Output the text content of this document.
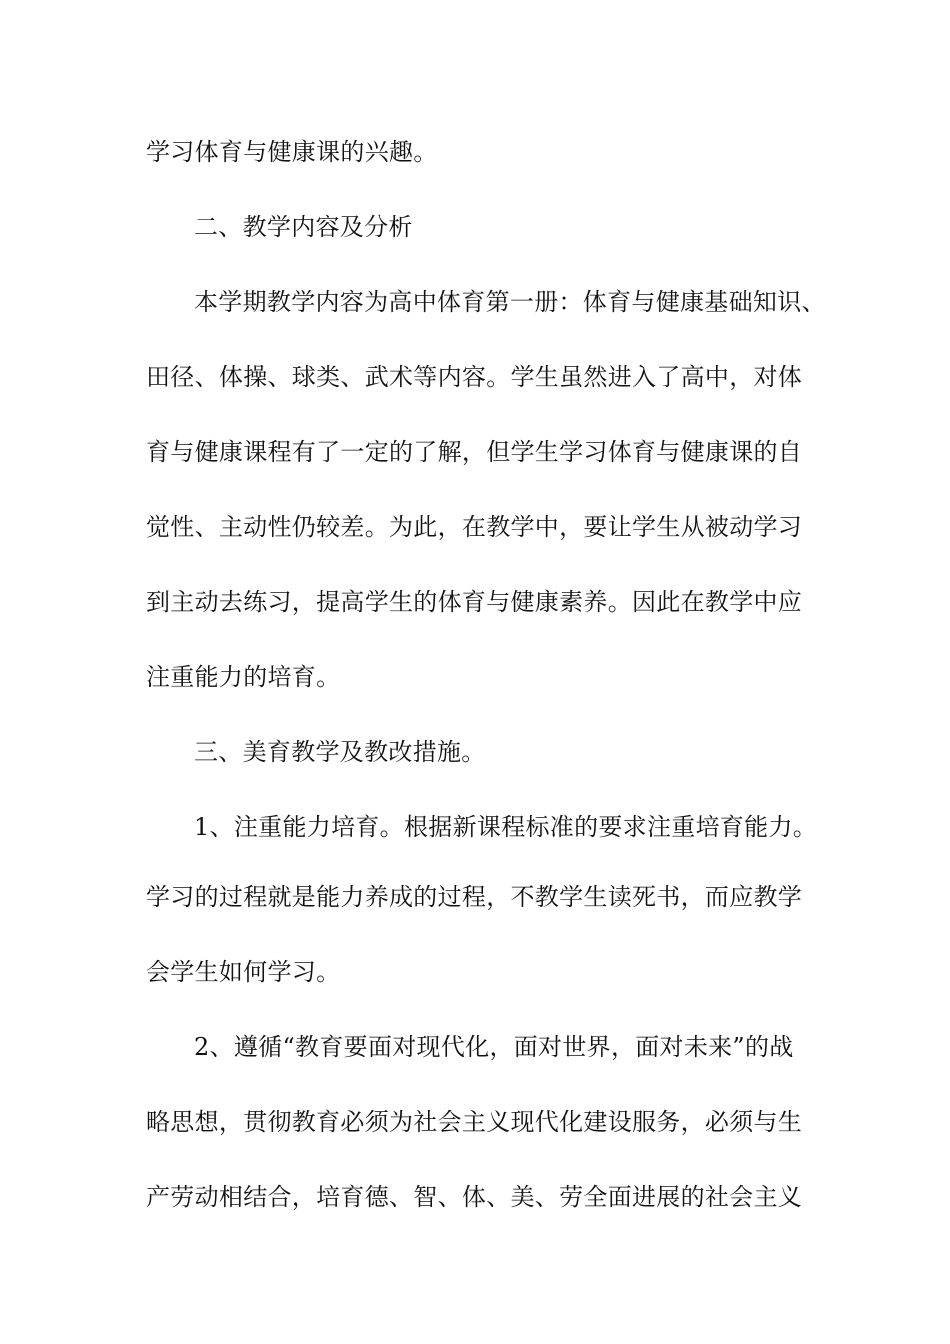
学习体育与健康课的兴趣。
二、教学内容及分析
本学期教学内容为高中体育第一册：体育与健康基础知识、
田径、体操、球类、武术等内容。学生虽然进入了高中，对体
育与健康课程有了一定的了解，但学生学习体育与健康课的自
觉性、主动性仍较差。为此，在教学中，要让学生从被动学习
到主动去练习，提高学生的体育与健康素养。因此在教学中应
注重能力的培育。
三、美育教学及教改措施。
1、注重能力培育。根据新课程标准的要求注重培育能力。
学习的过程就是能力养成的过程，不教学生读死书，而应教学
会学生如何学习。
2、遵循“教育要面对现代化，面对世界，面对未来”的战
略思想，贯彻教育必须为社会主义现代化建设服务，必须与生
产劳动相结合，培育德、智、体、美、劳全面进展的社会主义
